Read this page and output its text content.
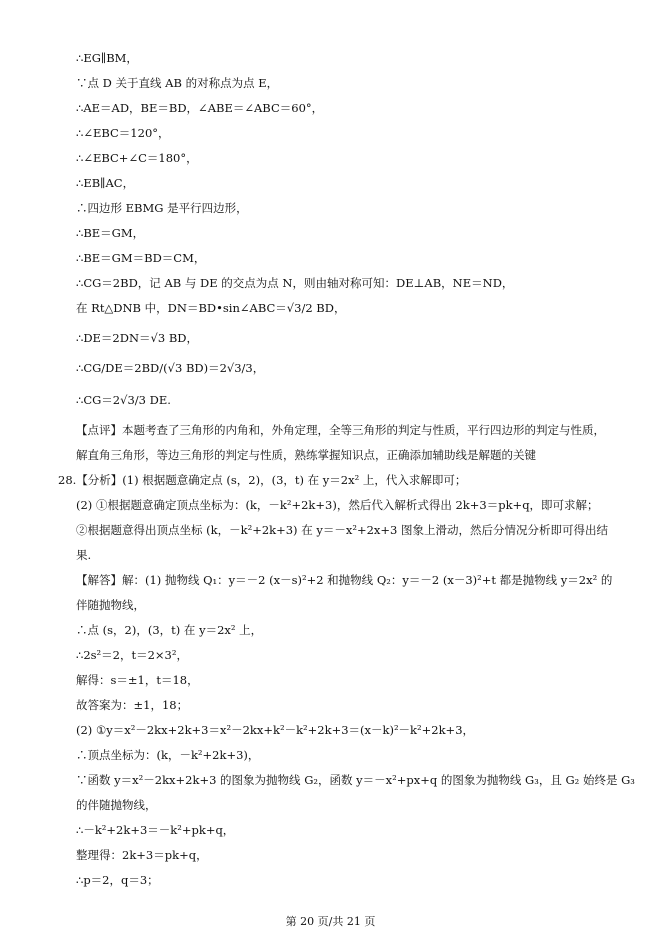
∴EG∥BM，
∵点 D 关于直线 AB 的对称点为点 E，
∴AE＝AD，BE＝BD，∠ABE＝∠ABC＝60°，
∴∠EBC＝120°，
∴∠EBC+∠C＝180°，
∴EB∥AC，
∴四边形 EBMG 是平行四边形，
∴BE＝GM，
∴BE＝GM＝BD＝CM，
∴CG＝2BD，记 AB 与 DE 的交点为点 N，则由轴对称可知：DE⊥AB，NE＝ND，
在 Rt△DNB 中，DN＝BD•sin∠ABC＝√3/2 BD，
∴DE＝2DN＝√3 BD，
∴CG/DE＝2BD/(√3 BD)＝2√3/3，
∴CG＝2√3/3 DE.
【点评】本题考查了三角形的内角和，外角定理，全等三角形的判定与性质，平行四边形的判定与性质，
解直角三角形，等边三角形的判定与性质，熟练掌握知识点，正确添加辅助线是解题的关键
28.【分析】(1) 根据题意确定点 (s，2)，(3，t) 在 y＝2x² 上，代入求解即可；
(2) ①根据题意确定顶点坐标为：(k，－k²+2k+3)，然后代入解析式得出 2k+3＝pk+q，即可求解；
②根据题意得出顶点坐标 (k，－k²+2k+3) 在 y＝－x²+2x+3 图象上滑动，然后分情况分析即可得出结
果.
【解答】解：(1) 抛物线 Q₁：y＝－2 (x－s)²+2 和抛物线 Q₂：y＝－2 (x－3)²+t 都是抛物线 y＝2x² 的
伴随抛物线，
∴点 (s，2)，(3，t) 在 y＝2x² 上，
∴2s²＝2，t＝2×3²，
解得：s＝±1，t＝18，
故答案为：±1，18；
(2) ①y＝x²－2kx+2k+3＝x²－2kx+k²－k²+2k+3＝(x－k)²－k²+2k+3，
∴顶点坐标为：(k，－k²+2k+3)，
∵函数 y＝x²－2kx+2k+3 的图象为抛物线 G₂，函数 y＝－x²+px+q 的图象为抛物线 G₃，且 G₂ 始终是 G₃
的伴随抛物线，
∴－k²+2k+3＝－k²+pk+q，
整理得：2k+3＝pk+q，
∴p＝2，q＝3；
第 20 页/共 21 页
